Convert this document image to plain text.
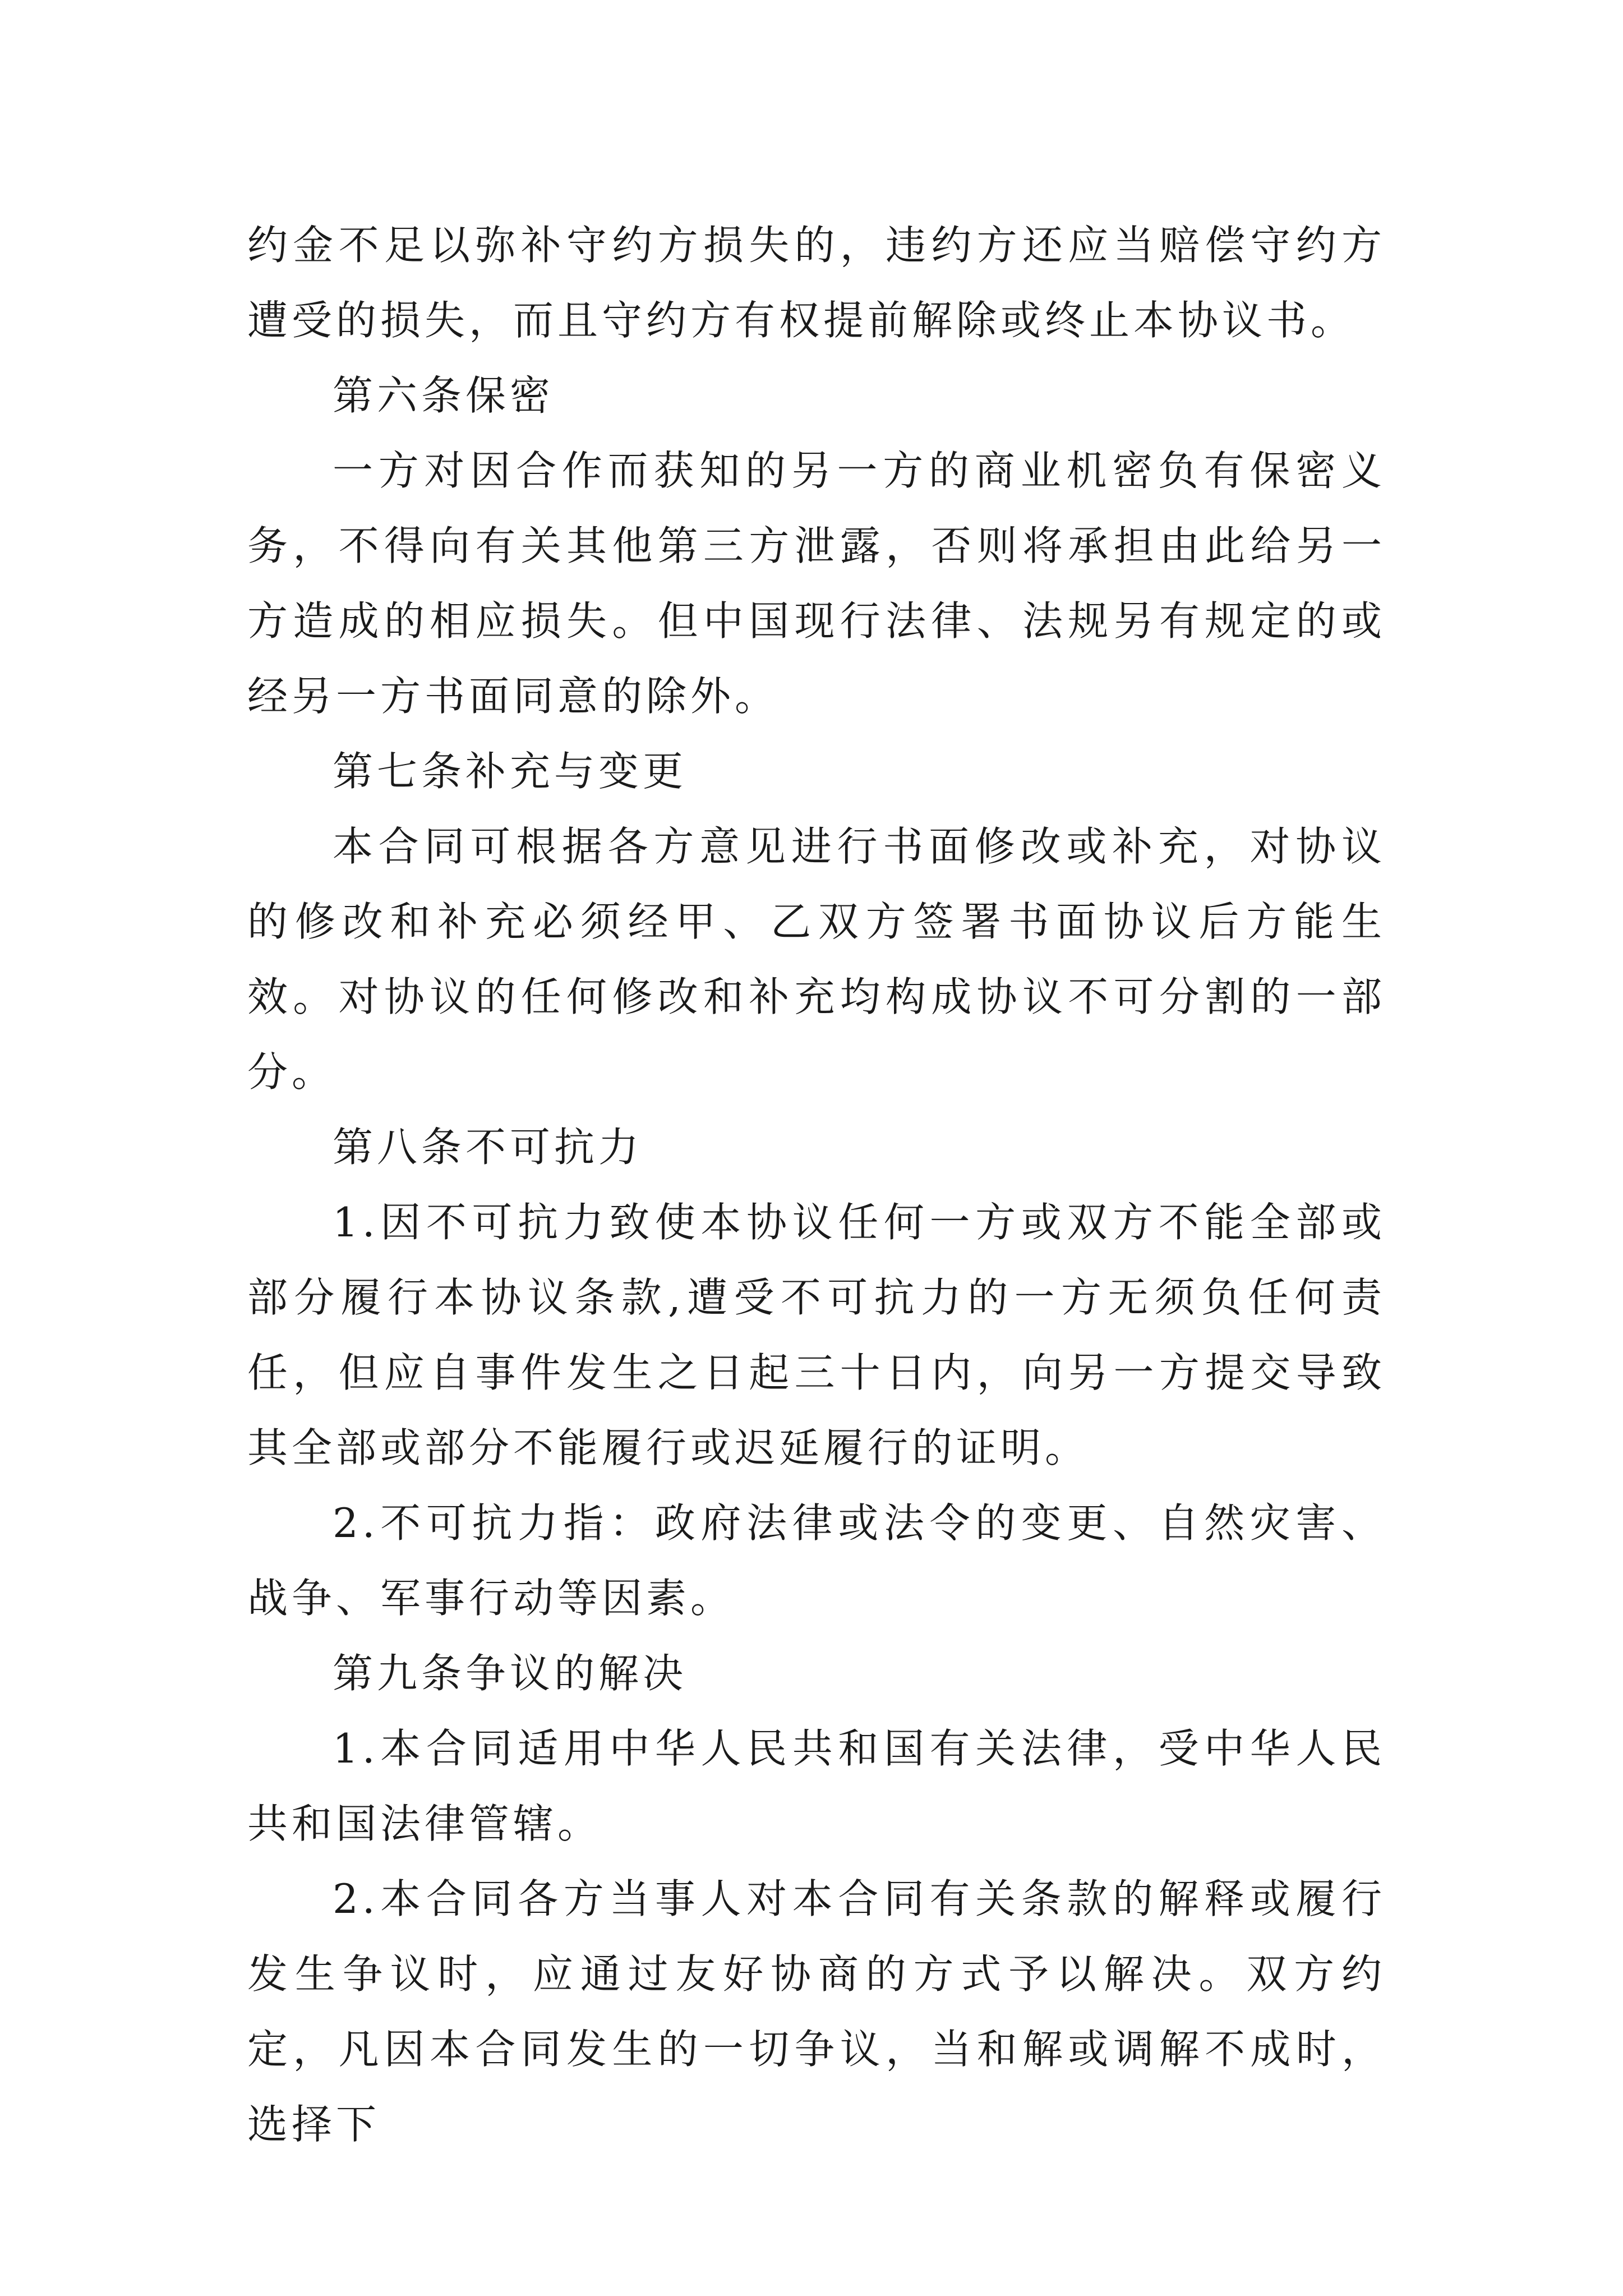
约金不足以弥补守约方损失的，违约方还应当赔偿守约方遭受的损失，而且守约方有权提前解除或终止本协议书。

第六条保密

一方对因合作而获知的另一方的商业机密负有保密义务，不得向有关其他第三方泄露，否则将承担由此给另一方造成的相应损失。但中国现行法律、法规另有规定的或经另一方书面同意的除外。

第七条补充与变更

本合同可根据各方意见进行书面修改或补充，对协议的修改和补充必须经甲、乙双方签署书面协议后方能生效。对协议的任何修改和补充均构成协议不可分割的一部分。

第八条不可抗力

1.因不可抗力致使本协议任何一方或双方不能全部或部分履行本协议条款,遭受不可抗力的一方无须负任何责任，但应自事件发生之日起三十日内，向另一方提交导致其全部或部分不能履行或迟延履行的证明。

2.不可抗力指：政府法律或法令的变更、自然灾害、战争、军事行动等因素。

第九条争议的解决

1.本合同适用中华人民共和国有关法律，受中华人民共和国法律管辖。

2.本合同各方当事人对本合同有关条款的解释或履行发生争议时，应通过友好协商的方式予以解决。双方约定，凡因本合同发生的一切争议，当和解或调解不成时，选择下
